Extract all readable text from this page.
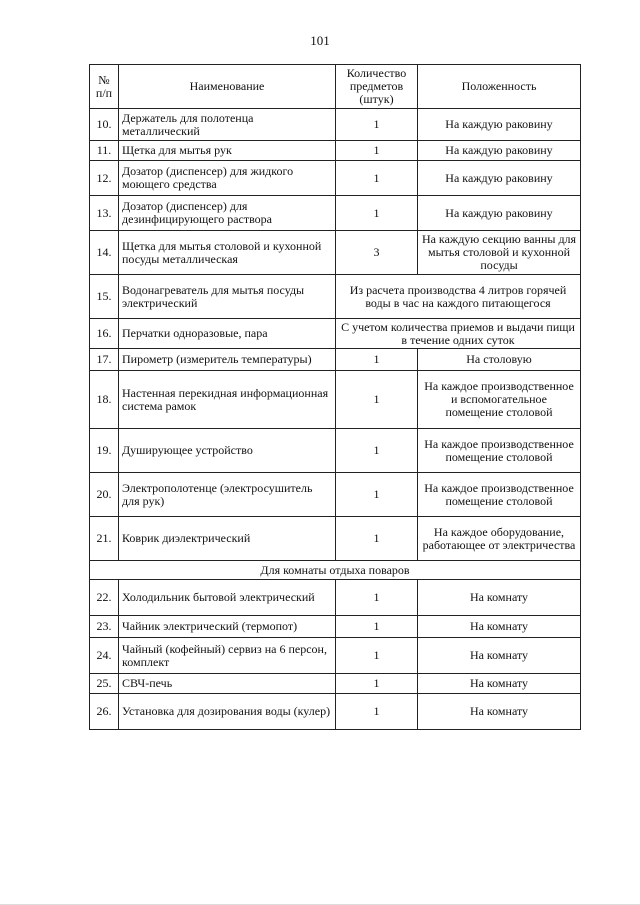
101
№ п/п	Наименование	Количество предметов (штук)	Положенность
10.	Держатель для полотенца металлический	1	На каждую раковину
11.	Щетка для мытья рук	1	На каждую раковину
12.	Дозатор (диспенсер) для жидкого моющего средства	1	На каждую раковину
13.	Дозатор (диспенсер) для дезинфицирующего раствора	1	На каждую раковину
14.	Щетка для мытья столовой и кухонной посуды металлическая	3	На каждую секцию ванны для мытья столовой и кухонной посуды
15.	Водонагреватель для мытья посуды электрический	Из расчета производства 4 литров горячей воды в час на каждого питающегося	
16.	Перчатки одноразовые, пара	С учетом количества приемов и выдачи пищи в течение одних суток	
17.	Пирометр (измеритель температуры)	1	На столовую
18.	Настенная перекидная информационная система рамок	1	На каждое производственное и вспомогательное помещение столовой
19.	Душирующее устройство	1	На каждое производственное помещение столовой
20.	Электрополотенце (электросушитель для рук)	1	На каждое производственное помещение столовой
21.	Коврик диэлектрический	1	На каждое оборудование, работающее от электричества
Для комнаты отдыха поваров			
22.	Холодильник бытовой электрический	1	На комнату
23.	Чайник электрический (термопот)	1	На комнату
24.	Чайный (кофейный) сервиз на 6 персон, комплект	1	На комнату
25.	СВЧ-печь	1	На комнату
26.	Установка для дозирования воды (кулер)	1	На комнату
